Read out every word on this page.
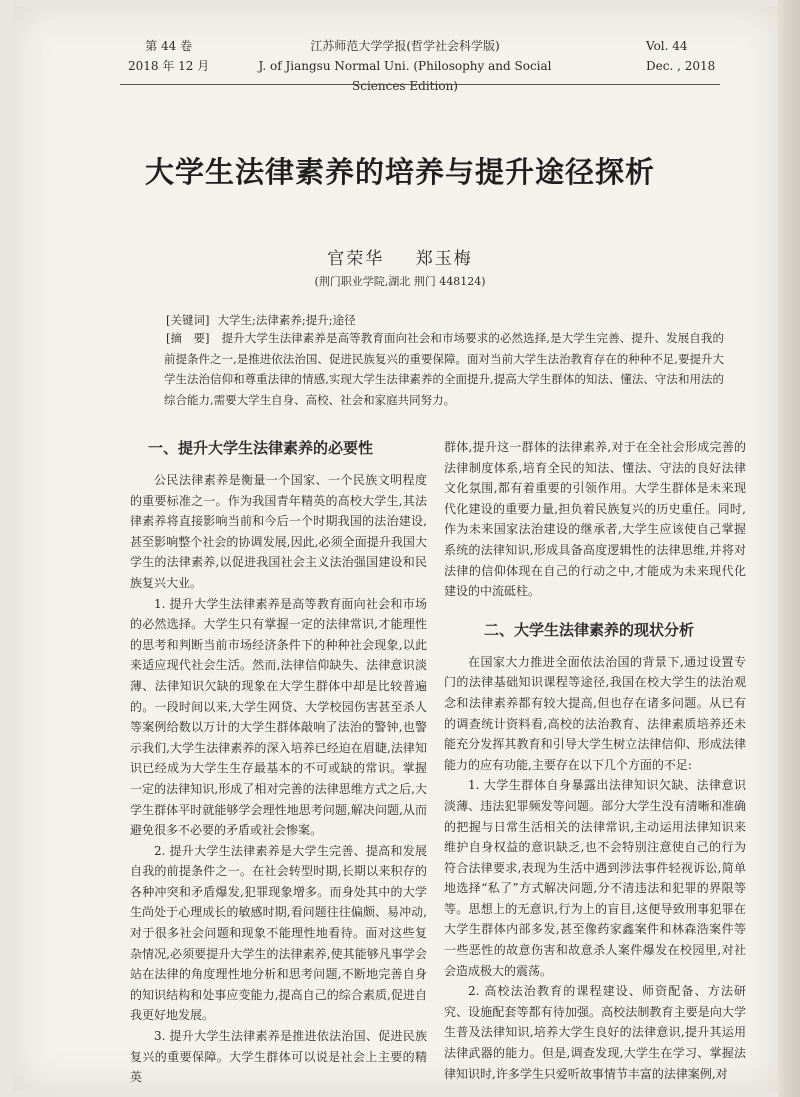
第 44 卷
2018 年 12 月
江苏师范大学学报(哲学社会科学版)
J. of Jiangsu Normal Uni. (Philosophy and Social Sciences Edition)
Vol. 44
Dec. , 2018
大学生法律素养的培养与提升途径探析
官荣华 郑玉梅
(荆门职业学院,湖北 荆门 448124)
[关键词] 大学生;法律素养;提升;途径
[摘　要] 提升大学生法律素养是高等教育面向社会和市场要求的必然选择,是大学生完善、提升、发展自我的前提条件之一,是推进依法治国、促进民族复兴的重要保障。面对当前大学生法治教育存在的种种不足,要提升大学生法治信仰和尊重法律的情感,实现大学生法律素养的全面提升,提高大学生群体的知法、懂法、守法和用法的综合能力,需要大学生自身、高校、社会和家庭共同努力。
一、提升大学生法律素养的必要性

公民法律素养是衡量一个国家、一个民族文明程度的重要标准之一。作为我国青年精英的高校大学生,其法律素养将直接影响当前和今后一个时期我国的法治建设,甚至影响整个社会的协调发展,因此,必须全面提升我国大学生的法律素养,以促进我国社会主义法治强国建设和民族复兴大业。

1. 提升大学生法律素养是高等教育面向社会和市场的必然选择。大学生只有掌握一定的法律常识,才能理性的思考和判断当前市场经济条件下的种种社会现象,以此来适应现代社会生活。然而,法律信仰缺失、法律意识淡薄、法律知识欠缺的现象在大学生群体中却是比较普遍的。一段时间以来,大学生网贷、大学校园伤害甚至杀人等案例给数以万计的大学生群体敲响了法治的警钟,也警示我们,大学生法律素养的深入培养已经迫在眉睫,法律知识已经成为大学生生存最基本的不可或缺的常识。掌握一定的法律知识,形成了相对完善的法律思维方式之后,大学生群体平时就能够学会理性地思考问题,解决问题,从而避免很多不必要的矛盾或社会惨案。

2. 提升大学生法律素养是大学生完善、提高和发展自我的前提条件之一。在社会转型时期,长期以来积存的各种冲突和矛盾爆发,犯罪现象增多。而身处其中的大学生尚处于心理成长的敏感时期,看问题往往偏颇、易冲动,对于很多社会问题和现象不能理性地看待。面对这些复杂情况,必须要提升大学生的法律素养,使其能够凡事学会站在法律的角度理性地分析和思考问题,不断地完善自身的知识结构和处事应变能力,提高自己的综合素质,促进自我更好地发展。

3. 提升大学生法律素养是推进依法治国、促进民族复兴的重要保障。大学生群体可以说是社会上主要的精英

群体,提升这一群体的法律素养,对于在全社会形成完善的法律制度体系,培育全民的知法、懂法、守法的良好法律文化氛围,都有着重要的引领作用。大学生群体是未来现代化建设的重要力量,担负着民族复兴的历史重任。同时,作为未来国家法治建设的继承者,大学生应该使自己掌握系统的法律知识,形成具备高度逻辑性的法律思维,并将对法律的信仰体现在自己的行动之中,才能成为未来现代化建设的中流砥柱。

二、大学生法律素养的现状分析

在国家大力推进全面依法治国的背景下,通过设置专门的法律基础知识课程等途径,我国在校大学生的法治观念和法律素养都有较大提高,但也存在诸多问题。从已有的调查统计资料看,高校的法治教育、法律素质培养还未能充分发挥其教育和引导大学生树立法律信仰、形成法律能力的应有功能,主要存在以下几个方面的不足:

1. 大学生群体自身暴露出法律知识欠缺、法律意识淡薄、违法犯罪频发等问题。部分大学生没有清晰和准确的把握与日常生活相关的法律常识,主动运用法律知识来维护自身权益的意识缺乏,也不会特别注意使自己的行为符合法律要求,表现为生活中遇到涉法事件轻视诉讼,简单地选择“私了”方式解决问题,分不清违法和犯罪的界限等等。思想上的无意识,行为上的盲目,这便导致刑事犯罪在大学生群体内部多发,甚至像药家鑫案件和林森浩案件等一些恶性的故意伤害和故意杀人案件爆发在校园里,对社会造成极大的震荡。

2. 高校法治教育的课程建设、师资配备、方法研究、设施配套等都有待加强。高校法制教育主要是向大学生普及法律知识,培养大学生良好的法律意识,提升其运用法律武器的能力。但是,调查发现,大学生在学习、掌握法律知识时,许多学生只爱听故事情节丰富的法律案例,对
